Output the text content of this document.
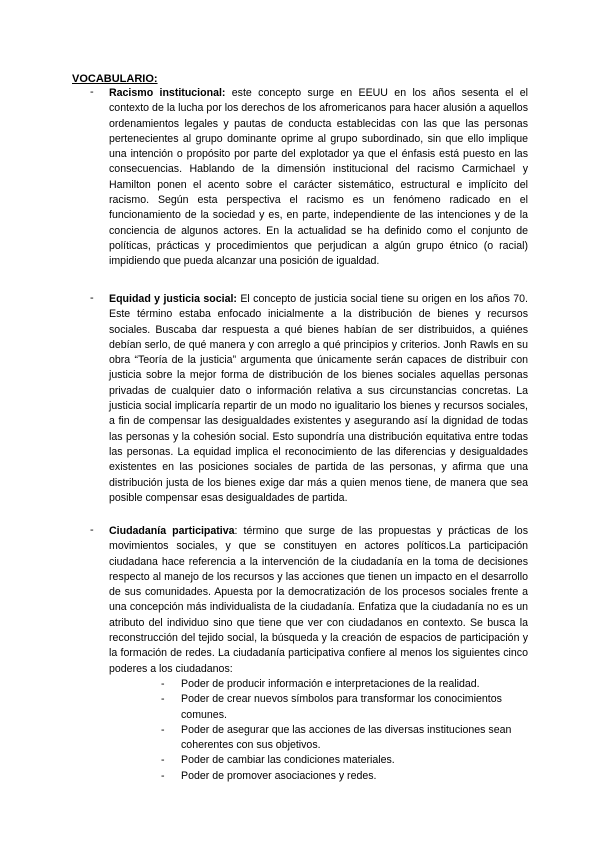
VOCABULARIO:
- Racismo institucional: este concepto surge en EEUU en los años sesenta el el contexto de la lucha por los derechos de los afromericanos para hacer alusión a aquellos ordenamientos legales y pautas de conducta establecidas con las que las personas pertenecientes al grupo dominante oprime al grupo subordinado, sin que ello implique una intención o propósito por parte del explotador ya que el énfasis está puesto en las consecuencias. Hablando de la dimensión institucional del racismo Carmichael y Hamilton ponen el acento sobre el carácter sistemático, estructural e implícito del racismo. Según esta perspectiva el racismo es un fenómeno radicado en el funcionamiento de la sociedad y es, en parte, independiente de las intenciones y de la conciencia de algunos actores. En la actualidad se ha definido como el conjunto de políticas, prácticas y procedimientos que perjudican a algún grupo étnico (o racial) impidiendo que pueda alcanzar una posición de igualdad.
- Equidad y justicia social: El concepto de justicia social tiene su origen en los años 70. Este término estaba enfocado inicialmente a la distribución de bienes y recursos sociales. Buscaba dar respuesta a qué bienes habían de ser distribuidos, a quiénes debían serlo, de qué manera y con arreglo a qué principios y criterios. Jonh Rawls en su obra “Teoría de la justicia” argumenta que únicamente serán capaces de distribuir con justicia sobre la mejor forma de distribución de los bienes sociales aquellas personas privadas de cualquier dato o información relativa a sus circunstancias concretas. La justicia social implicaría repartir de un modo no igualitario los bienes y recursos sociales, a fin de compensar las desigualdades existentes y asegurando así la dignidad de todas las personas y la cohesión social. Esto supondría una distribución equitativa entre todas las personas. La equidad implica el reconocimiento de las diferencias y desigualdades existentes en las posiciones sociales de partida de las personas, y afirma que una distribución justa de los bienes exige dar más a quien menos tiene, de manera que sea posible compensar esas desigualdades de partida.
- Ciudadanía participativa: término que surge de las propuestas y prácticas de los movimientos sociales, y que se constituyen en actores políticos.La participación ciudadana hace referencia a la intervención de la ciudadanía en la toma de decisiones respecto al manejo de los recursos y las acciones que tienen un impacto en el desarrollo de sus comunidades. Apuesta por la democratización de los procesos sociales frente a una concepción más individualista de la ciudadanía. Enfatiza que la ciudadanía no es un atributo del individuo sino que tiene que ver con ciudadanos en contexto. Se busca la reconstrucción del tejido social, la búsqueda y la creación de espacios de participación y la formación de redes. La ciudadanía participativa confiere al menos los siguientes cinco poderes a los ciudadanos:
- Poder de producir información e interpretaciones de la realidad.
- Poder de crear nuevos símbolos para transformar los conocimientos comunes.
- Poder de asegurar que las acciones de las diversas instituciones sean coherentes con sus objetivos.
- Poder de cambiar las condiciones materiales.
- Poder de promover asociaciones y redes.
